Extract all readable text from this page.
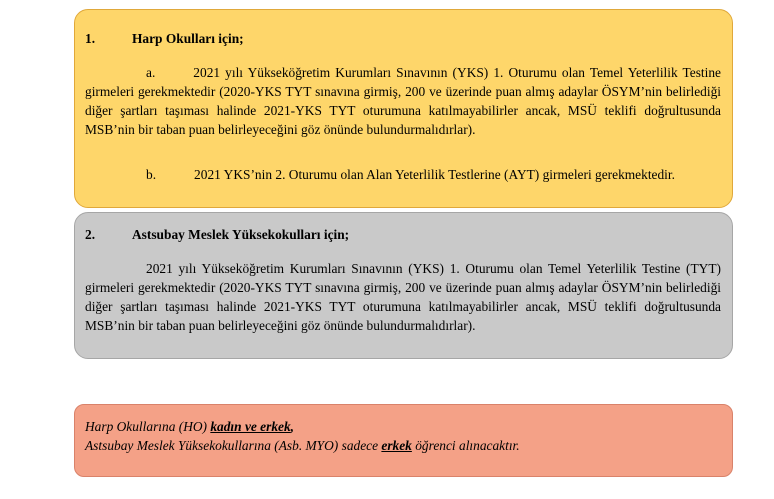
1.	Harp Okulları için;
a.	2021 yılı Yükseköğretim Kurumları Sınavının (YKS) 1. Oturumu olan Temel Yeterlilik Testine girmeleri gerekmektedir (2020-YKS TYT sınavına girmiş, 200 ve üzerinde puan almış adaylar ÖSYM’nin belirlediği diğer şartları taşıması halinde 2021-YKS TYT oturumuna katılmayabilirler ancak, MSÜ teklifi doğrultusunda MSB’nin bir taban puan belirleyeceğini göz önünde bulundurmalıdırlar).
b.	2021 YKS’nin 2. Oturumu olan Alan Yeterlilik Testlerine (AYT) girmeleri gerekmektedir.
2.	Astsubay Meslek Yüksekokulları için;
2021 yılı Yükseköğretim Kurumları Sınavının (YKS) 1. Oturumu olan Temel Yeterlilik Testine (TYT) girmeleri gerekmektedir (2020-YKS TYT sınavına girmiş, 200 ve üzerinde puan almış adaylar ÖSYM’nin belirlediği diğer şartları taşıması halinde 2021-YKS TYT oturumuna katılmayabilirler ancak, MSÜ teklifi doğrultusunda MSB’nin bir taban puan belirleyeceğini göz önünde bulundurmalıdırlar).
Harp Okullarına (HO) kadın ve erkek,
Astsubay Meslek Yüksekokullarına (Asb. MYO) sadece erkek öğrenci alınacaktır.
